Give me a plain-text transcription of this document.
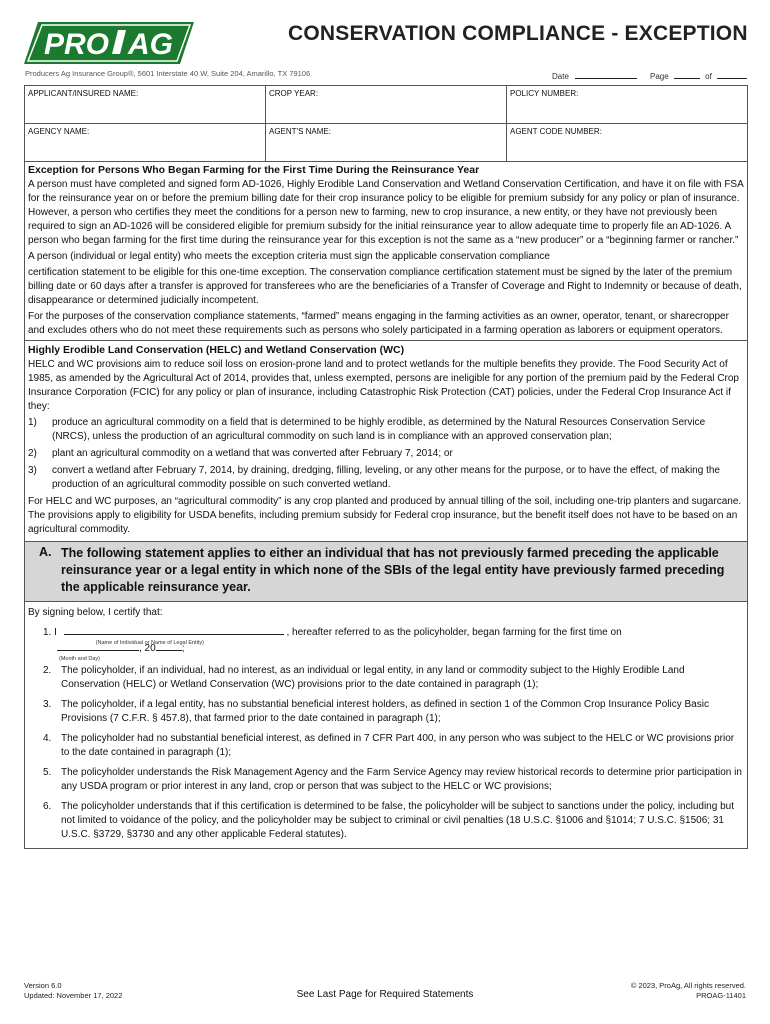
PRO AG	CONSERVATION COMPLIANCE - EXCEPTION
Producers Ag Insurance Group®, 5601 Interstate 40 W, Suite 204, Amarillo, TX 79106	Date	Page	of
APPLICANT/INSURED NAME:	CROP YEAR:	POLICY NUMBER:
AGENCY NAME:	AGENT'S NAME:	AGENT CODE NUMBER:
Exception for Persons Who Began Farming for the First Time During the Reinsurance Year

A person must have completed and signed form AD-1026, Highly Erodible Land Conservation and Wetland Conservation Certification, and have it on file with FSA for the reinsurance year on or before the premium billing date for their crop insurance policy to be eligible for premium subsidy for any policy or plan of insurance. However, a person who certifies they meet the conditions for a person new to farming, new to crop insurance, a new entity, or they have not previously been required to sign an AD-1026 will be considered eligible for premium subsidy for the initial reinsurance year to allow adequate time to properly file an AD-1026. A person who began farming for the first time during the reinsurance year for this exception is not the same as a “new producer” or a “beginning farmer or rancher.”

A person (individual or legal entity) who meets the exception criteria must sign the applicable conservation compliance

certification statement to be eligible for this one-time exception. The conservation compliance certification statement must be signed by the later of the premium billing date or 60 days after a transfer is approved for transferees who are the beneficiaries of a Transfer of Coverage and Right to Indemnity or because of death, disappearance or determined judicially incompetent.

For the purposes of the conservation compliance statements, “farmed” means engaging in the farming activities as an owner, operator, tenant, or sharecropper and excludes others who do not meet these requirements such as persons who solely participated in a farming operation as laborers or equipment operators.

Highly Erodible Land Conservation (HELC) and Wetland Conservation (WC)

HELC and WC provisions aim to reduce soil loss on erosion-prone land and to protect wetlands for the multiple benefits they provide. The Food Security Act of 1985, as amended by the Agricultural Act of 2014, provides that, unless exempted, persons are ineligible for any portion of the premium paid by the Federal Crop Insurance Corporation (FCIC) for any policy or plan of insurance, including Catastrophic Risk Protection (CAT) policies, under the Federal Crop Insurance Act if they:

1)	produce an agricultural commodity on a field that is determined to be highly erodible, as determined by the Natural Resources Conservation Service (NRCS), unless the production of an agricultural commodity on such land is in compliance with an approved conservation plan;
2)	plant an agricultural commodity on a wetland that was converted after February 7, 2014; or
3)	convert a wetland after February 7, 2014, by draining, dredging, filling, leveling, or any other means for the purpose, or to have the effect, of making the production of an agricultural commodity possible on such converted wetland.

For HELC and WC purposes, an “agricultural commodity” is any crop planted and produced by annual tilling of the soil, including one-trip planters and sugarcane. The provisions apply to eligibility for USDA benefits, including premium subsidy for Federal crop insurance, but the benefit itself does not have to be based on an agricultural commodity.

A. The following statement applies to either an individual that has not previously farmed preceding the applicable reinsurance year or a legal entity in which none of the SBIs of the legal entity have previously farmed preceding the applicable reinsurance year.

By signing below, I certify that:

1. I
(Name of Individual or Name of Legal Entity)
, hereafter referred to as the policyholder, began farming for the first time on

(Month and Day)
, 20	;
2. The policyholder, if an individual, had no interest, as an individual or legal entity, in any land or commodity subject to the Highly Erodible Land Conservation (HELC) or Wetland Conservation (WC) provisions prior to the date contained in paragraph (1);
3. The policyholder, if a legal entity, has no substantial beneficial interest holders, as defined in section 1 of the Common Crop Insurance Policy Basic Provisions (7 C.F.R. § 457.8), that farmed prior to the date contained in paragraph (1);
4. The policyholder had no substantial beneficial interest, as defined in 7 CFR Part 400, in any person who was subject to the HELC or WC provisions prior to the date contained in paragraph (1);
5. The policyholder understands the Risk Management Agency and the Farm Service Agency may review historical records to determine prior participation in any USDA program or prior interest in any land, crop or person that was subject to the HELC or WC provisions;
6. The policyholder understands that if this certification is determined to be false, the policyholder will be subject to sanctions under the policy, including but not limited to voidance of the policy, and the policyholder may be subject to criminal or civil penalties (18 U.S.C. §1006 and §1014; 7 U.S.C. §1506; 31 U.S.C. §3729, §3730 and any other applicable Federal statutes).
Version 6.0
Updated: November 17, 2022	See Last Page for Required Statements
© 2023, ProAg, All rights reserved.
PROAG-11401
